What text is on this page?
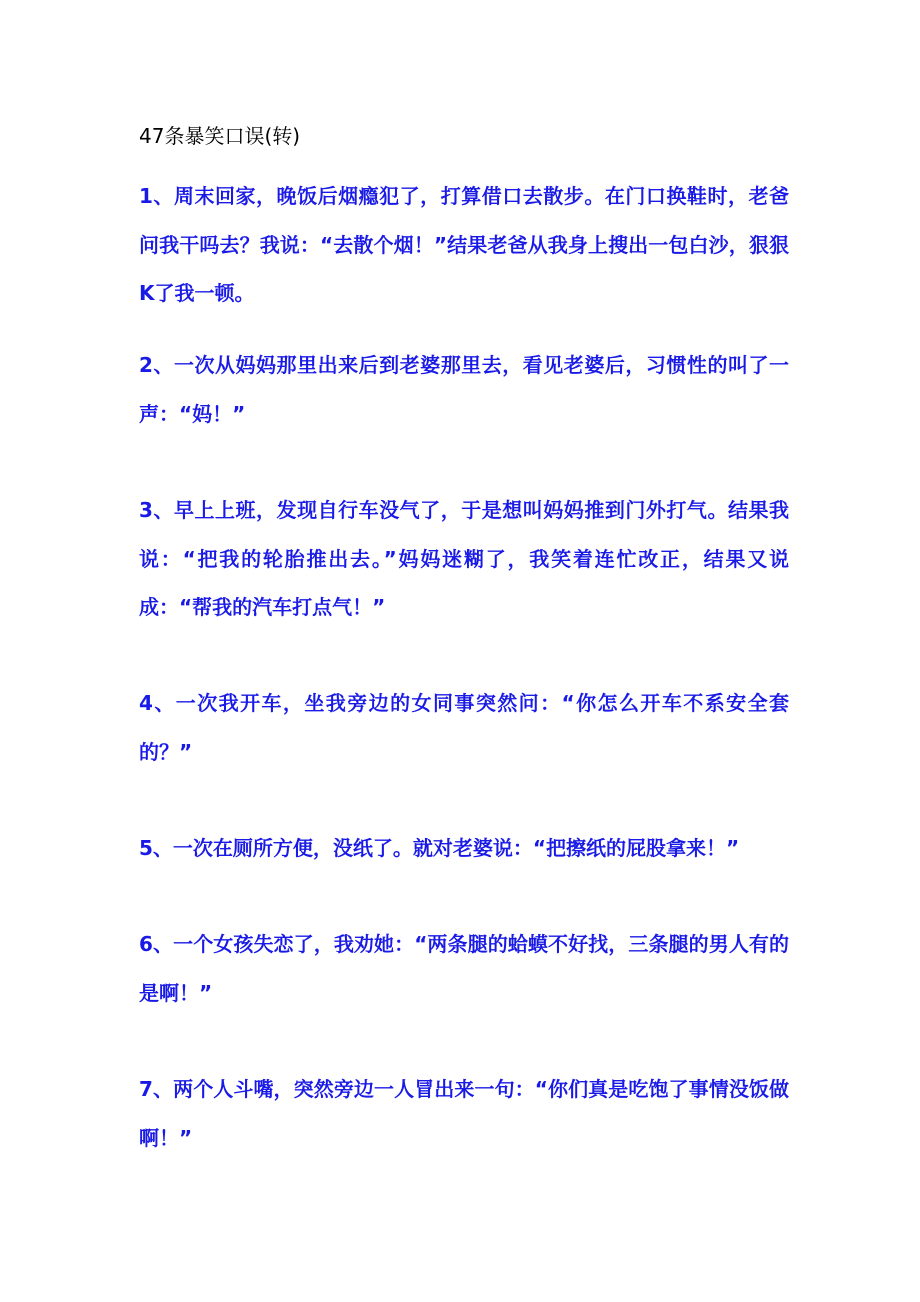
47条暴笑口误(转)

1、周末回家，晚饭后烟瘾犯了，打算借口去散步。在门口换鞋时，老爸问我干吗去？我说：“去散个烟！”结果老爸从我身上搜出一包白沙，狠狠K了我一顿。

2、一次从妈妈那里出来后到老婆那里去，看见老婆后，习惯性的叫了一声：“妈！”

3、早上上班，发现自行车没气了，于是想叫妈妈推到门外打气。结果我说：“把我的轮胎推出去。”妈妈迷糊了，我笑着连忙改正，结果又说成：“帮我的汽车打点气！”

4、一次我开车，坐我旁边的女同事突然问：“你怎么开车不系安全套的？”

5、一次在厕所方便，没纸了。就对老婆说：“把擦纸的屁股拿来！”

6、一个女孩失恋了，我劝她：“两条腿的蛤蟆不好找，三条腿的男人有的是啊！”

7、两个人斗嘴，突然旁边一人冒出来一句：“你们真是吃饱了事情没饭做啊！”
